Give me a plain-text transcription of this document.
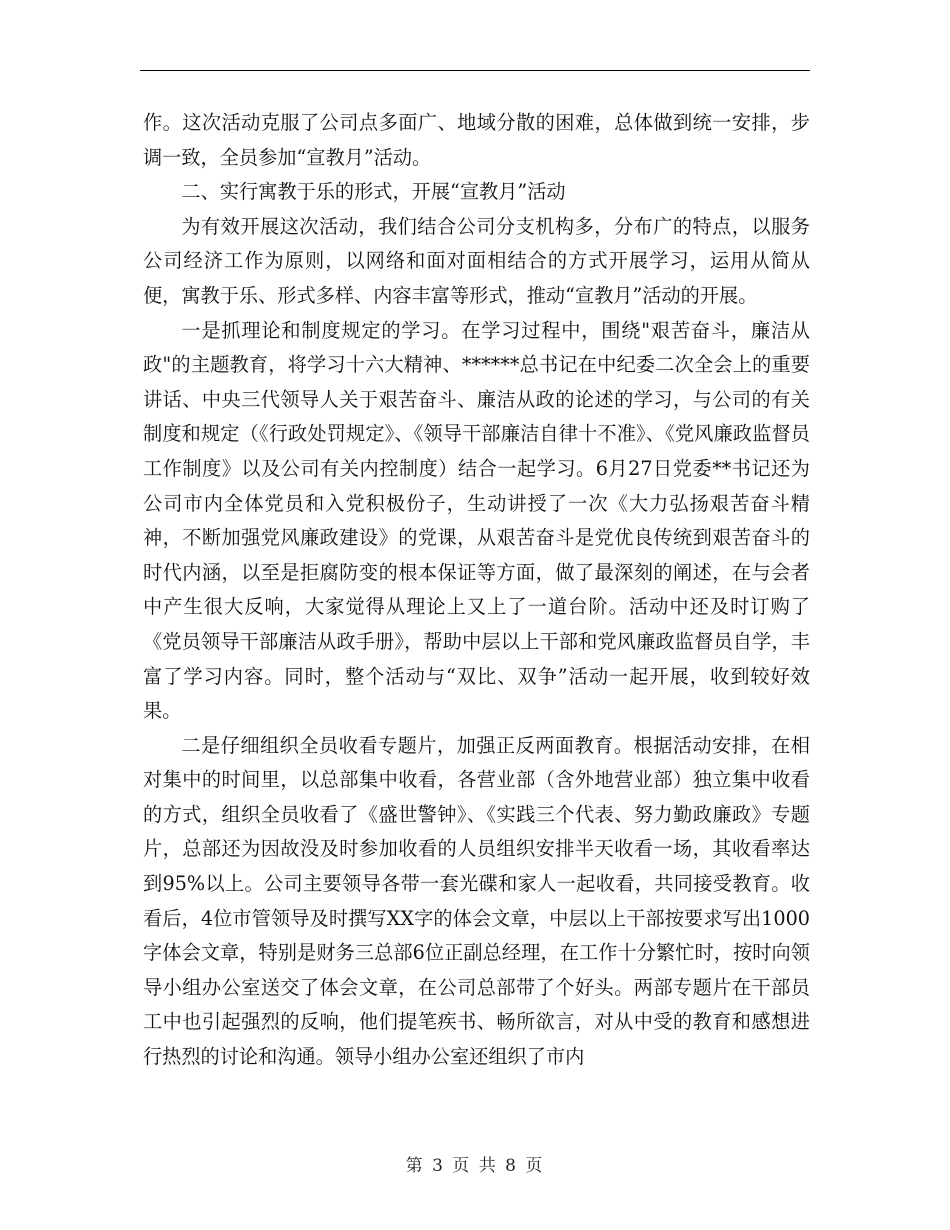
作。这次活动克服了公司点多面广、地域分散的困难，总体做到统一安排，步调一致，全员参加“宣教月”活动。

二、实行寓教于乐的形式，开展“宣教月”活动

为有效开展这次活动，我们结合公司分支机构多，分布广的特点，以服务公司经济工作为原则，以网络和面对面相结合的方式开展学习，运用从简从便，寓教于乐、形式多样、内容丰富等形式，推动“宣教月”活动的开展。

一是抓理论和制度规定的学习。在学习过程中，围绕"艰苦奋斗，廉洁从政"的主题教育，将学习十六大精神、******总书记在中纪委二次全会上的重要讲话、中央三代领导人关于艰苦奋斗、廉洁从政的论述的学习，与公司的有关制度和规定（《行政处罚规定》、《领导干部廉洁自律十不准》、《党风廉政监督员工作制度》以及公司有关内控制度）结合一起学习。6月27日党委**书记还为公司市内全体党员和入党积极份子，生动讲授了一次《大力弘扬艰苦奋斗精神，不断加强党风廉政建设》的党课，从艰苦奋斗是党优良传统到艰苦奋斗的时代内涵，以至是拒腐防变的根本保证等方面，做了最深刻的阐述，在与会者中产生很大反响，大家觉得从理论上又上了一道台阶。活动中还及时订购了《党员领导干部廉洁从政手册》，帮助中层以上干部和党风廉政监督员自学，丰富了学习内容。同时，整个活动与“双比、双争”活动一起开展，收到较好效果。

二是仔细组织全员收看专题片，加强正反两面教育。根据活动安排，在相对集中的时间里，以总部集中收看，各营业部（含外地营业部）独立集中收看的方式，组织全员收看了《盛世警钟》、《实践三个代表、努力勤政廉政》专题片，总部还为因故没及时参加收看的人员组织安排半天收看一场，其收看率达到95%以上。公司主要领导各带一套光碟和家人一起收看，共同接受教育。收看后，4位市管领导及时撰写XX字的体会文章，中层以上干部按要求写出1000字体会文章，特别是财务三总部6位正副总经理，在工作十分繁忙时，按时向领导小组办公室送交了体会文章，在公司总部带了个好头。两部专题片在干部员工中也引起强烈的反响，他们提笔疾书、畅所欲言，对从中受的教育和感想进行热烈的讨论和沟通。领导小组办公室还组织了市内

第 3 页 共 8 页
